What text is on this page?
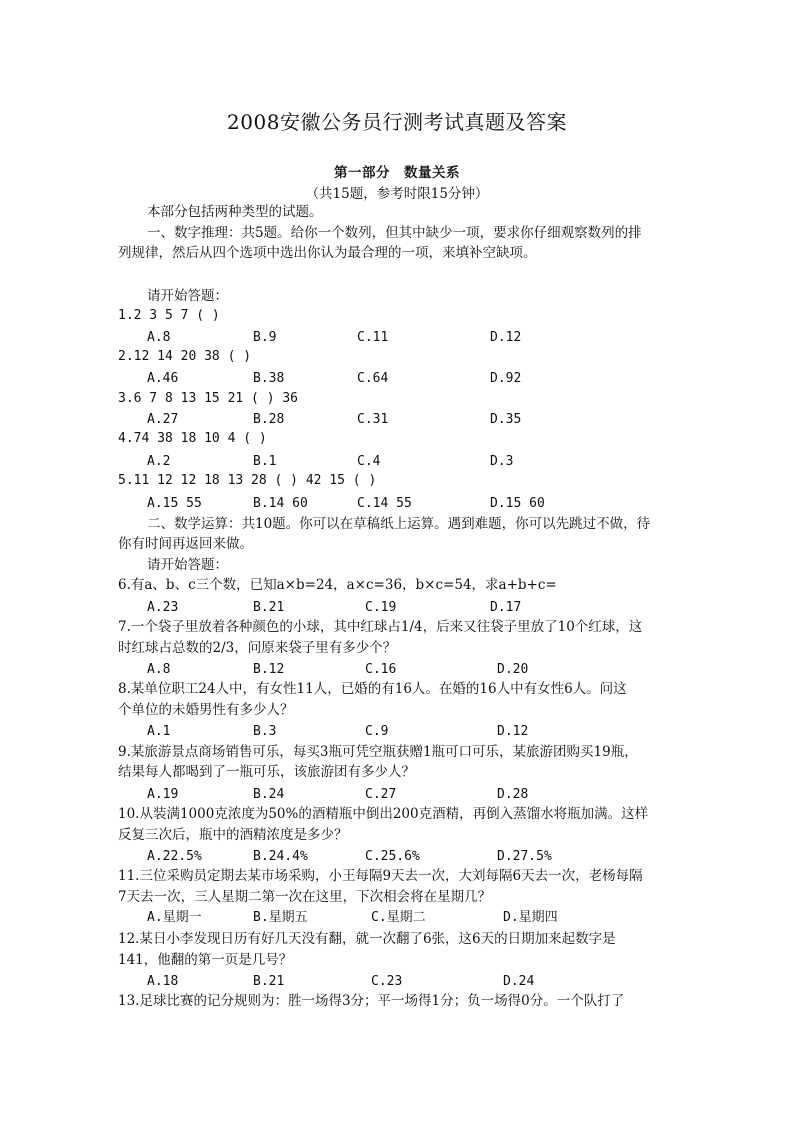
2008安徽公务员行测考试真题及答案
第一部分　数量关系
（共15题，参考时限15分钟）
本部分包括两种类型的试题。
一、数字推理：共5题。给你一个数列，但其中缺少一项，要求你仔细观察数列的排
列规律，然后从四个选项中选出你认为最合理的一项，来填补空缺项。
请开始答题：
1.2 3 5 7 ( )
A.8	B.9	C.11	D.12
2.12 14 20 38 ( )
A.46	B.38	C.64	D.92
3.6 7 8 13 15 21 ( ) 36
A.27	B.28	C.31	D.35
4.74 38 18 10 4 ( )
A.2	B.1	C.4	D.3
5.11 12 12 18 13 28 ( ) 42 15 ( )
A.15 55	B.14 60	C.14 55	D.15 60
二、数学运算：共10题。你可以在草稿纸上运算。遇到难题，你可以先跳过不做，待
你有时间再返回来做。
请开始答题：
6.有a、b、c三个数，已知a×b=24，a×c=36，b×c=54，求a+b+c=
A.23	B.21	C.19	D.17
7.一个袋子里放着各种颜色的小球，其中红球占1/4，后来又往袋子里放了10个红球，这
时红球占总数的2/3，问原来袋子里有多少个？
A.8	B.12	C.16	D.20
8.某单位职工24人中，有女性11人，已婚的有16人。在婚的16人中有女性6人。问这
个单位的未婚男性有多少人？
A.1	B.3	C.9	D.12
9.某旅游景点商场销售可乐，每买3瓶可凭空瓶获赠1瓶可口可乐，某旅游团购买19瓶，
结果每人都喝到了一瓶可乐，该旅游团有多少人？
A.19	B.24	C.27	D.28
10.从装满1000克浓度为50%的酒精瓶中倒出200克酒精，再倒入蒸馏水将瓶加满。这样
反复三次后，瓶中的酒精浓度是多少？
A.22.5%	B.24.4%	C.25.6%	D.27.5%
11.三位采购员定期去某市场采购，小王每隔9天去一次，大刘每隔6天去一次，老杨每隔
7天去一次，三人星期二第一次在这里，下次相会将在星期几？
A.星期一	B.星期五	C.星期二	D.星期四
12.某日小李发现日历有好几天没有翻，就一次翻了6张，这6天的日期加来起数字是
141，他翻的第一页是几号？
A.18	B.21	C.23	D.24
13.足球比赛的记分规则为：胜一场得3分；平一场得1分；负一场得0分。一个队打了
